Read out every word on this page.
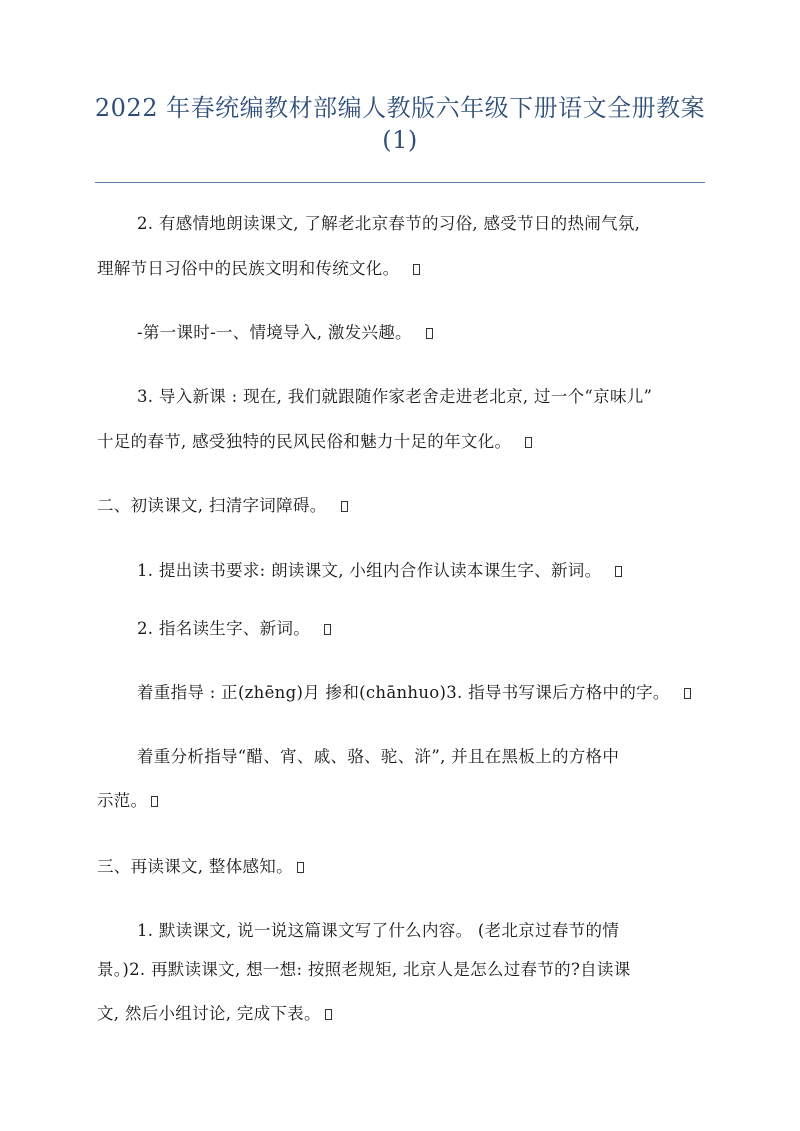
2022 年春统编教材部编人教版六年级下册语文全册教案
(1)
2. 有感情地朗读课文, 了解老北京春节的习俗, 感受节日的热闹气氛,
理解节日习俗中的民族文明和传统文化。
-第一课时-一、情境导入, 激发兴趣。
3. 导入新课 : 现在, 我们就跟随作家老舍走进老北京, 过一个“京味儿”
十足的春节, 感受独特的民风民俗和魅力十足的年文化。
二、初读课文, 扫清字词障碍。
1. 提出读书要求: 朗读课文, 小组内合作认读本课生字、新词。
2. 指名读生字、新词。
着重指导 : 正(zhēng)月 掺和(chānhuo)3. 指导书写课后方格中的字。
着重分析指导“醋、宵、戚、骆、驼、浒”, 并且在黑板上的方格中
示范。
三、再读课文, 整体感知。
1. 默读课文, 说一说这篇课文写了什么内容。 (老北京过春节的情
景。)2. 再默读课文, 想一想: 按照老规矩, 北京人是怎么过春节的?自读课
文, 然后小组讨论, 完成下表。
